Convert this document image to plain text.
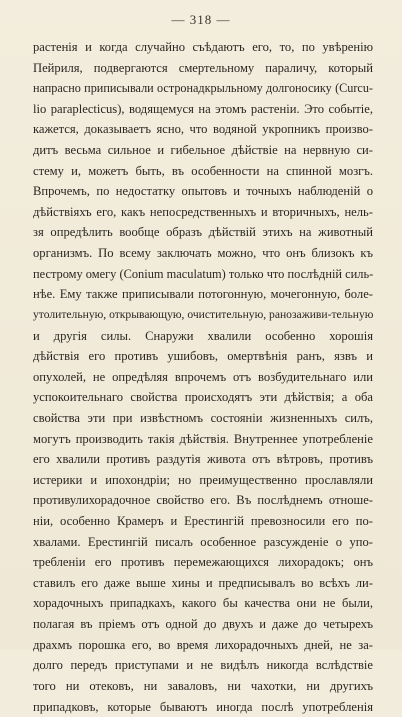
— 318 —
растенія и когда случайно съѣдаютъ его, то, по увѣренію
Пейриля, подвергаются смертельному параличу, который
напрасно приписывали остронадкрыльному долгоносику (Curcu-
lio paraplecticus), водящемуся на этомъ растеніи. Это событіе,
кажется, доказываетъ ясно, что водяной укропникъ произво-
дитъ весьма сильное и гибельное дѣйствіе на нервную си-
стему и, можетъ быть, въ особенности на спинной мозгъ.
Впрочемъ, по недостатку опытовъ и точныхъ наблюденій о
дѣйствіяхъ его, какъ непосредственныхъ и вторичныхъ, нель-
зя опредѣлить вообще образъ дѣйствій этихъ на животный
организмъ. По всему заключать можно, что онъ близокъ къ
пестрому омегу (Conium maculatum) только что послѣдній силь-
нѣе. Ему также приписывали потогонную, мочегонную, боле-
утолительную, открывающую, очистительную, ранозаживи-тельную
и другія силы. Снаружи хвалили особенно хорошія
дѣйствія его противъ ушибовъ, омертвѣнія ранъ, язвъ и
опухолей, не опредѣляя впрочемъ отъ возбудительнаго или
успокоительнаго свойства происходятъ эти дѣйствія; а оба
свойства эти при извѣстномъ состояніи жизненныхъ силъ,
могутъ производить такія дѣйствія. Внутреннее употребленіе
его хвалили противъ раздутія живота отъ вѣтровъ, противъ
истерики и ипохондріи; но преимущественно прославляли
противулихорадочное свойство его. Въ послѣднемъ отноше-
ніи, особенно Крамеръ и Ерестингій превозносили его по-
хвалами. Ерестингій писалъ особенное разсужденіе о упо-
требленіи его противъ перемежающихся лихорадокъ; онъ
ставилъ его даже выше хины и предписывалъ во всѣхъ ли-
хорадочныхъ припадкахъ, какого бы качества они не были,
полагая въ пріемъ отъ одной до двухъ и даже до четырехъ
драхмъ порошка его, во время лихорадочныхъ дней, не за-
долго передъ приступами и не видѣлъ никогда вслѣдствіе
того ни отековъ, ни заваловъ, ни чахотки, ни другихъ
припадковъ, которые бываютъ иногда послѣ употребленія
